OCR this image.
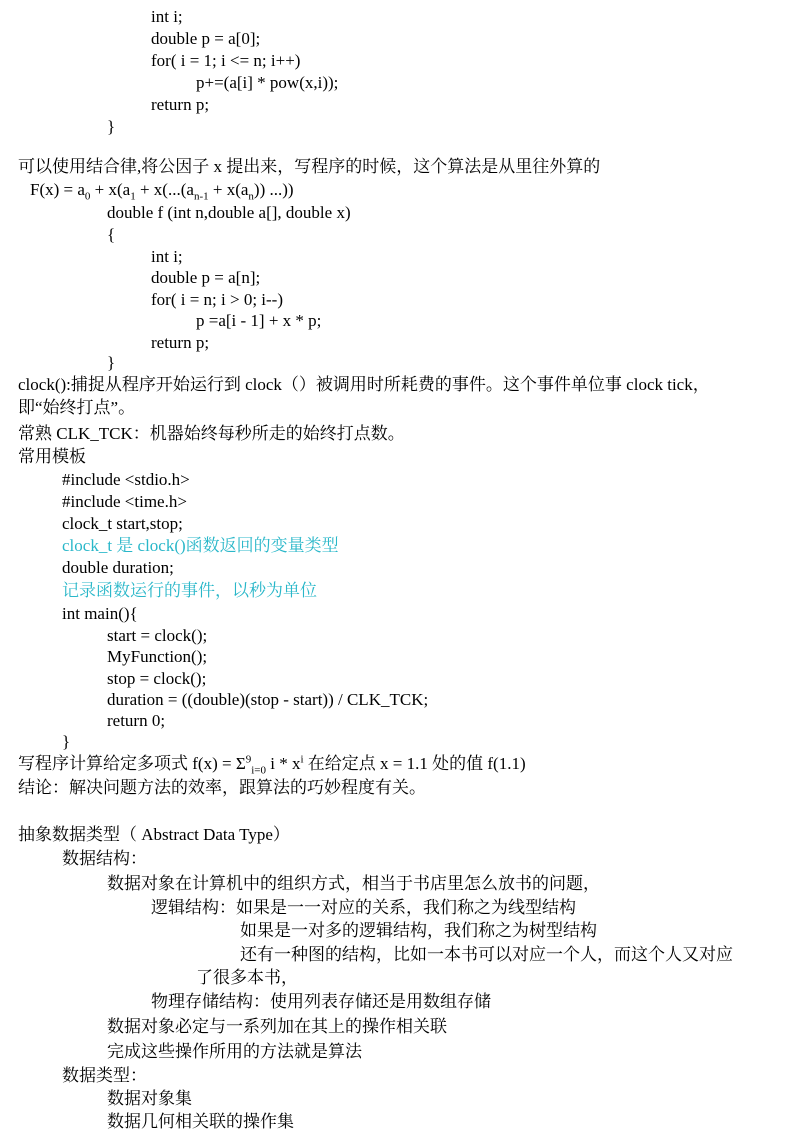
int i;
double p = a[0];
for( i = 1; i <= n; i++)
p+=(a[i] * pow(x,i));
return p;
}
可以使用结合律,将公因子 x 提出来，写程序的时候，这个算法是从里往外算的
$F(x) = a_0 + x(a_1 + x(...(a_{n-1} + x(a_n))$ ...))
double f (int n,double a[], double x)
{
int i;
double p = a[n];
for( i = n; i > 0; i--)
p =a[i - 1] + x * p;
return p;
}
clock():捕捉从程序开始运行到 clock（）被调用时所耗费的事件。这个事件单位事 clock tick，
即“始终打点”。
常熟 CLK_TCK：机器始终每秒所走的始终打点数。
常用模板
#include <stdio.h>
#include <time.h>
clock_t start,stop;
clock_t 是 clock()函数返回的变量类型
double duration;
记录函数运行的事件，以秒为单位
int main(){
start = clock();
MyFunction();
stop = clock();
duration = ((double)(stop - start)) / CLK_TCK;
return 0;
}
写程序计算给定多项式 $f(x) = \Sigma^9_{i=0}$ i * $x^i$ 在给定点 x = 1.1 处的值 f(1.1)
结论：解决问题方法的效率，跟算法的巧妙程度有关。
抽象数据类型（ Abstract Data Type）
数据结构：
数据对象在计算机中的组织方式，相当于书店里怎么放书的问题，
逻辑结构：如果是一一对应的关系，我们称之为线型结构
如果是一对多的逻辑结构，我们称之为树型结构
还有一种图的结构，比如一本书可以对应一个人，而这个人又对应
了很多本书，
物理存储结构：使用列表存储还是用数组存储
数据对象必定与一系列加在其上的操作相关联
完成这些操作所用的方法就是算法
数据类型：
数据对象集
数据几何相关联的操作集
